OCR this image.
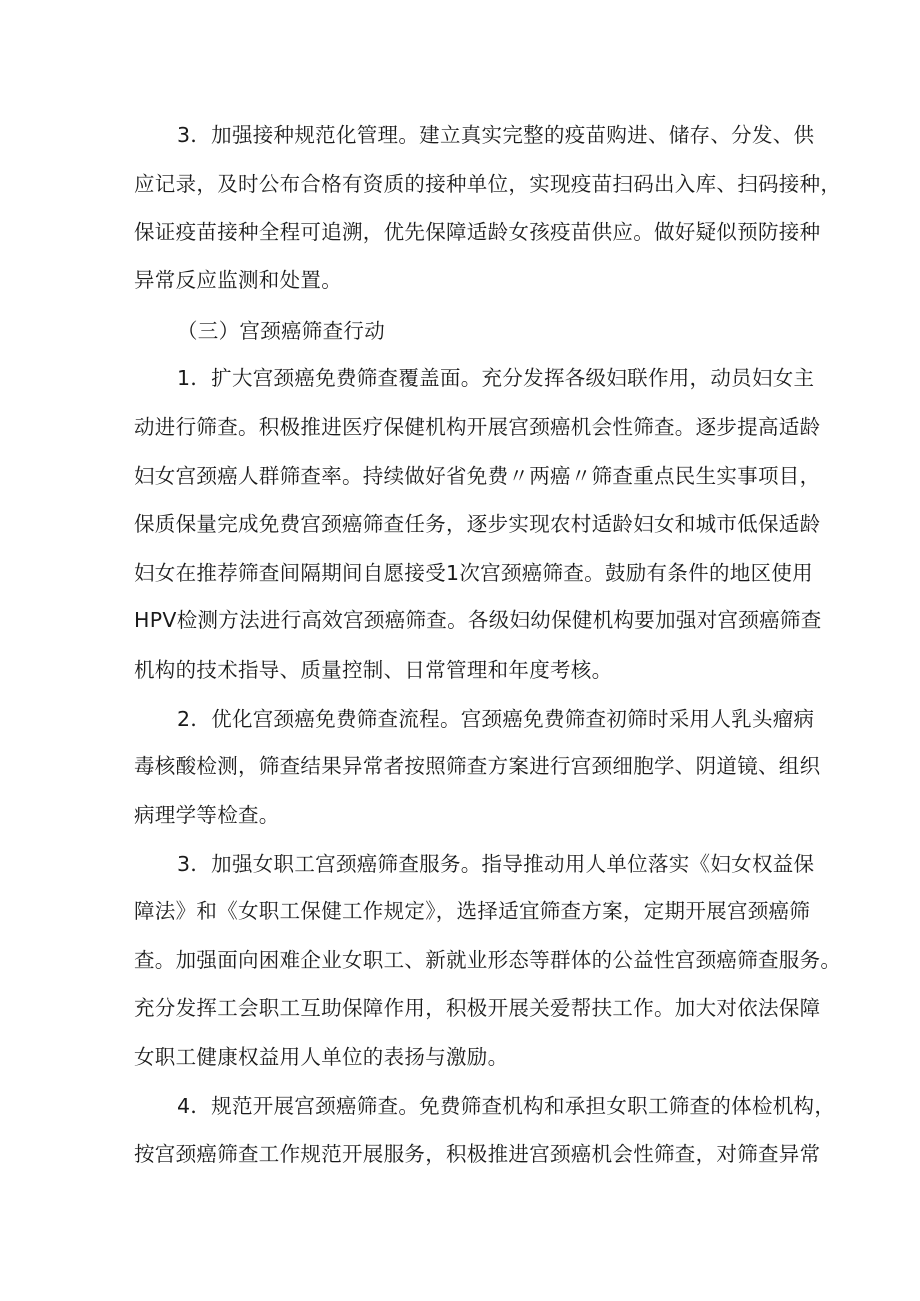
3．加强接种规范化管理。建立真实完整的疫苗购进、储存、分发、供

应记录，及时公布合格有资质的接种单位，实现疫苗扫码出入库、扫码接种，

保证疫苗接种全程可追溯，优先保障适龄女孩疫苗供应。做好疑似预防接种

异常反应监测和处置。

（三）宫颈癌筛查行动

1．扩大宫颈癌免费筛查覆盖面。充分发挥各级妇联作用，动员妇女主

动进行筛查。积极推进医疗保健机构开展宫颈癌机会性筛查。逐步提高适龄

妇女宫颈癌人群筛查率。持续做好省免费〃两癌〃筛查重点民生实事项目，

保质保量完成免费宫颈癌筛查任务，逐步实现农村适龄妇女和城市低保适龄

妇女在推荐筛查间隔期间自愿接受1次宫颈癌筛查。鼓励有条件的地区使用

HPV检测方法进行高效宫颈癌筛查。各级妇幼保健机构要加强对宫颈癌筛查

机构的技术指导、质量控制、日常管理和年度考核。

2．优化宫颈癌免费筛查流程。宫颈癌免费筛查初筛时采用人乳头瘤病

毒核酸检测，筛查结果异常者按照筛查方案进行宫颈细胞学、阴道镜、组织

病理学等检查。

3．加强女职工宫颈癌筛查服务。指导推动用人单位落实《妇女权益保

障法》和《女职工保健工作规定》，选择适宜筛查方案，定期开展宫颈癌筛

查。加强面向困难企业女职工、新就业形态等群体的公益性宫颈癌筛查服务。

充分发挥工会职工互助保障作用，积极开展关爱帮扶工作。加大对依法保障

女职工健康权益用人单位的表扬与激励。

4．规范开展宫颈癌筛查。免费筛查机构和承担女职工筛查的体检机构，

按宫颈癌筛查工作规范开展服务，积极推进宫颈癌机会性筛查，对筛查异常
